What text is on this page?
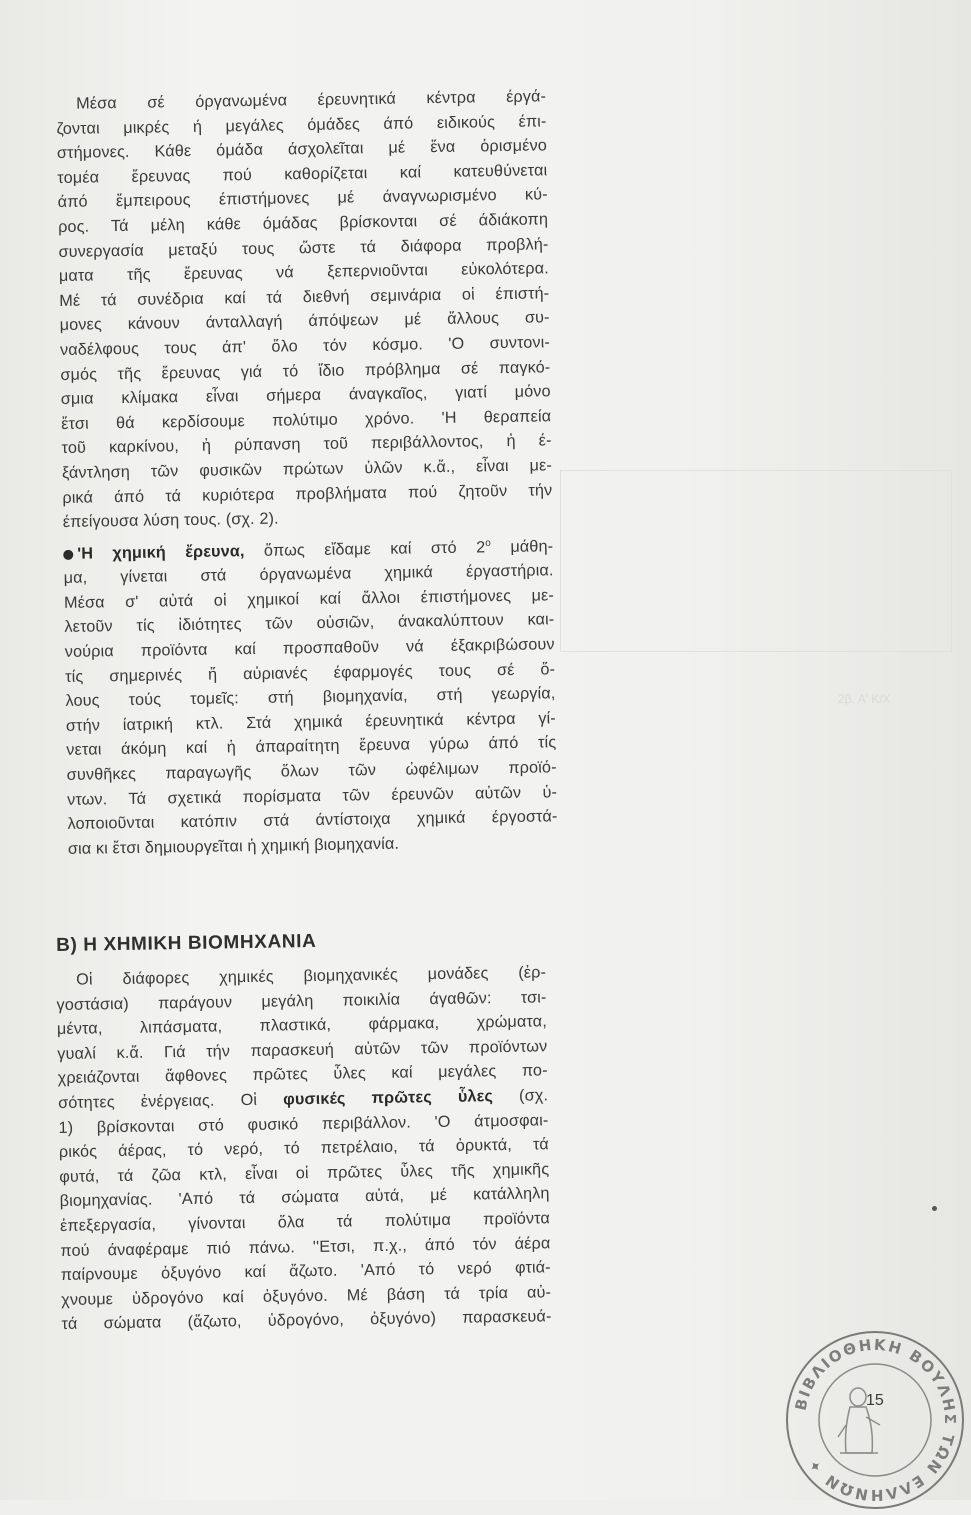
2β. Α' Κ/Χ
Μέσα σέ όργανωμένα έρευνητικά κέντρα έργά-
ζονται μικρές ή μεγάλες όμάδες άπό ειδικούς έπι-
στήμονες. Κάθε όμάδα άσχολεῖται μέ ἕνα ὁρισμένο
τομέα ἔρευνας πού καθορίζεται καί κατευθύνεται
άπό ἔμπειρους έπιστήμονες μέ άναγνωρισμένο κύ-
ρος. Τά μέλη κάθε όμάδας βρίσκονται σέ άδιάκοπη
συνεργασία μεταξύ τους ὥστε τά διάφορα προβλή-
ματα τῆς ἔρευνας νά ξεπερνιοῦνται εὐκολότερα.
Μέ τά συνέδρια καί τά διεθνή σεμινάρια οἱ έπιστή-
μονες κάνουν άνταλλαγή άπόψεων μέ ἄλλους συ-
ναδέλφους τους άπ' ὅλο τόν κόσμο. 'Ο συντονι-
σμός τῆς ἔρευνας γιά τό ἴδιο πρόβλημα σέ παγκό-
σμια κλίμακα εἶναι σήμερα άναγκαῖος, γιατί μόνο
ἔτσι θά κερδίσουμε πολύτιμο χρόνο. 'Η θεραπεία
τοῦ καρκίνου, ἡ ρύπανση τοῦ περιβάλλοντος, ἡ έ-
ξάντληση τῶν φυσικῶν πρώτων ὑλῶν κ.ἄ., εἶναι με-
ρικά άπό τά κυριότερα προβλήματα πού ζητοῦν τήν
έπείγουσα λύση τους. (σχ. 2).
'Η χημική ἔρευνα, ὅπως εἴδαμε καί στό $2^o$ μάθη-
μα, γίνεται στά όργανωμένα χημικά έργαστήρια.
Μέσα σ' αὐτά οἱ χημικοί καί ἄλλοι έπιστήμονες με-
λετοῦν τίς ἰδιότητες τῶν οὐσιῶν, άνακαλύπτουν και-
νούρια προϊόντα καί προσπαθοῦν νά έξακριβώσουν
τίς σημερινές ἤ αὐριανές έφαρμογές τους σέ ὅ-
λους τούς τομεῖς: στή βιομηχανία, στή γεωργία,
στήν ίατρική κτλ. Στά χημικά έρευνητικά κέντρα γί-
νεται άκόμη καί ἡ άπαραίτητη ἔρευνα γύρω άπό τίς
συνθῆκες παραγωγῆς ὅλων τῶν ὠφέλιμων προϊό-
ντων. Τά σχετικά πορίσματα τῶν έρευνῶν αὐτῶν ὑ-
λοποιοῦνται κατόπιν στά άντίστοιχα χημικά έργοστά-
σια κι ἔτσι δημιουργεῖται ἡ χημική βιομηχανία.
Β) Η ΧΗΜΙΚΗ ΒΙΟΜΗΧΑΝΙΑ
Οἱ διάφορες χημικές βιομηχανικές μονάδες (ἐρ-
γοστάσια) παράγουν μεγάλη ποικιλία άγαθῶν: τσι-
μέντα, λιπάσματα, πλαστικά, φάρμακα, χρώματα,
γυαλί κ.ἄ. Γιά τήν παρασκευή αὐτῶν τῶν προϊόντων
χρειάζονται ἄφθονες πρῶτες ὗλες καί μεγάλες πο-
σότητες ἐνέργειας. Οἱ φυσικές πρῶτες ὗλες (σχ.
1) βρίσκονται στό φυσικό περιβάλλον. 'Ο άτμοσφαι-
ρικός άέρας, τό νερό, τό πετρέλαιο, τά ὀρυκτά, τά
φυτά, τά ζῶα κτλ, εἶναι οἱ πρῶτες ὗλες τῆς χημικῆς
βιομηχανίας. 'Από τά σώματα αὐτά, μέ κατάλληλη
ἐπεξεργασία, γίνονται ὅλα τά πολύτιμα προϊόντα
πού άναφέραμε πιό πάνω. ''Ετσι, π.χ., άπό τόν άέρα
παίρνουμε ὀξυγόνο καί ἄζωτο. 'Από τό νερό φτιά-
χνουμε ὑδρογόνο καί ὀξυγόνο. Μέ βάση τά τρία αὐ-
τά σώματα (ἄζωτο, ὑδρογόνο, ὀξυγόνο) παρασκευά-
ΒΙΒΛΙΟΘΗΚΗ ΒΟΥΛΗΣ ΤΩΝ ΕΛΛΗΝΩΝ ✦
15
